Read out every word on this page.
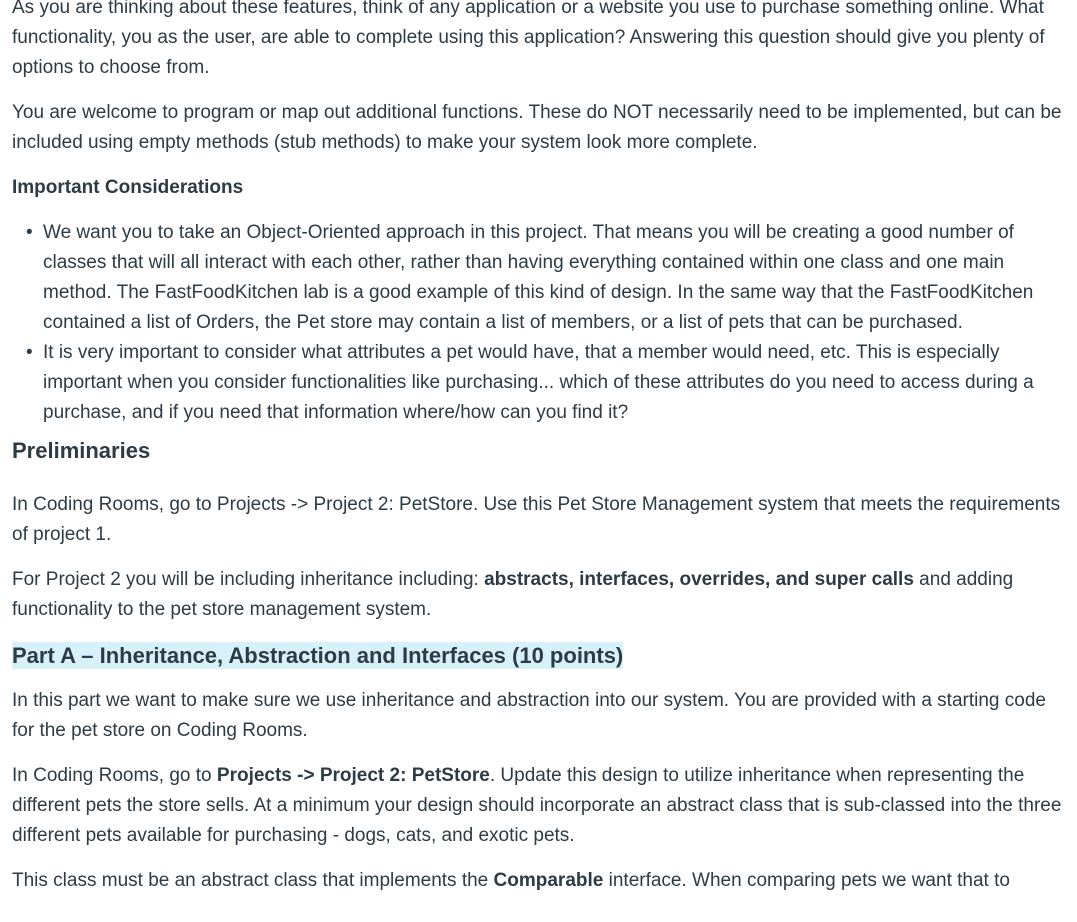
As you are thinking about these features, think of any application or a website you use to purchase something online. What functionality, you as the user, are able to complete using this application? Answering this question should give you plenty of options to choose from.

You are welcome to program or map out additional functions. These do NOT necessarily need to be implemented, but can be included using empty methods (stub methods) to make your system look more complete.

Important Considerations
• We want you to take an Object-Oriented approach in this project. That means you will be creating a good number of classes that will all interact with each other, rather than having everything contained within one class and one main method. The FastFoodKitchen lab is a good example of this kind of design. In the same way that the FastFoodKitchen contained a list of Orders, the Pet store may contain a list of members, or a list of pets that can be purchased.
• It is very important to consider what attributes a pet would have, that a member would need, etc. This is especially important when you consider functionalities like purchasing... which of these attributes do you need to access during a purchase, and if you need that information where/how can you find it?
Preliminaries

In Coding Rooms, go to Projects -> Project 2: PetStore. Use this Pet Store Management system that meets the requirements of project 1.

For Project 2 you will be including inheritance including: abstracts, interfaces, overrides, and super calls and adding functionality to the pet store management system.

Part A – Inheritance, Abstraction and Interfaces (10 points)

In this part we want to make sure we use inheritance and abstraction into our system. You are provided with a starting code for the pet store on Coding Rooms.

In Coding Rooms, go to Projects -> Project 2: PetStore. Update this design to utilize inheritance when representing the different pets the store sells. At a minimum your design should incorporate an abstract class that is sub-classed into the three different pets available for purchasing - dogs, cats, and exotic pets.

This class must be an abstract class that implements the Comparable interface. When comparing pets we want that to
